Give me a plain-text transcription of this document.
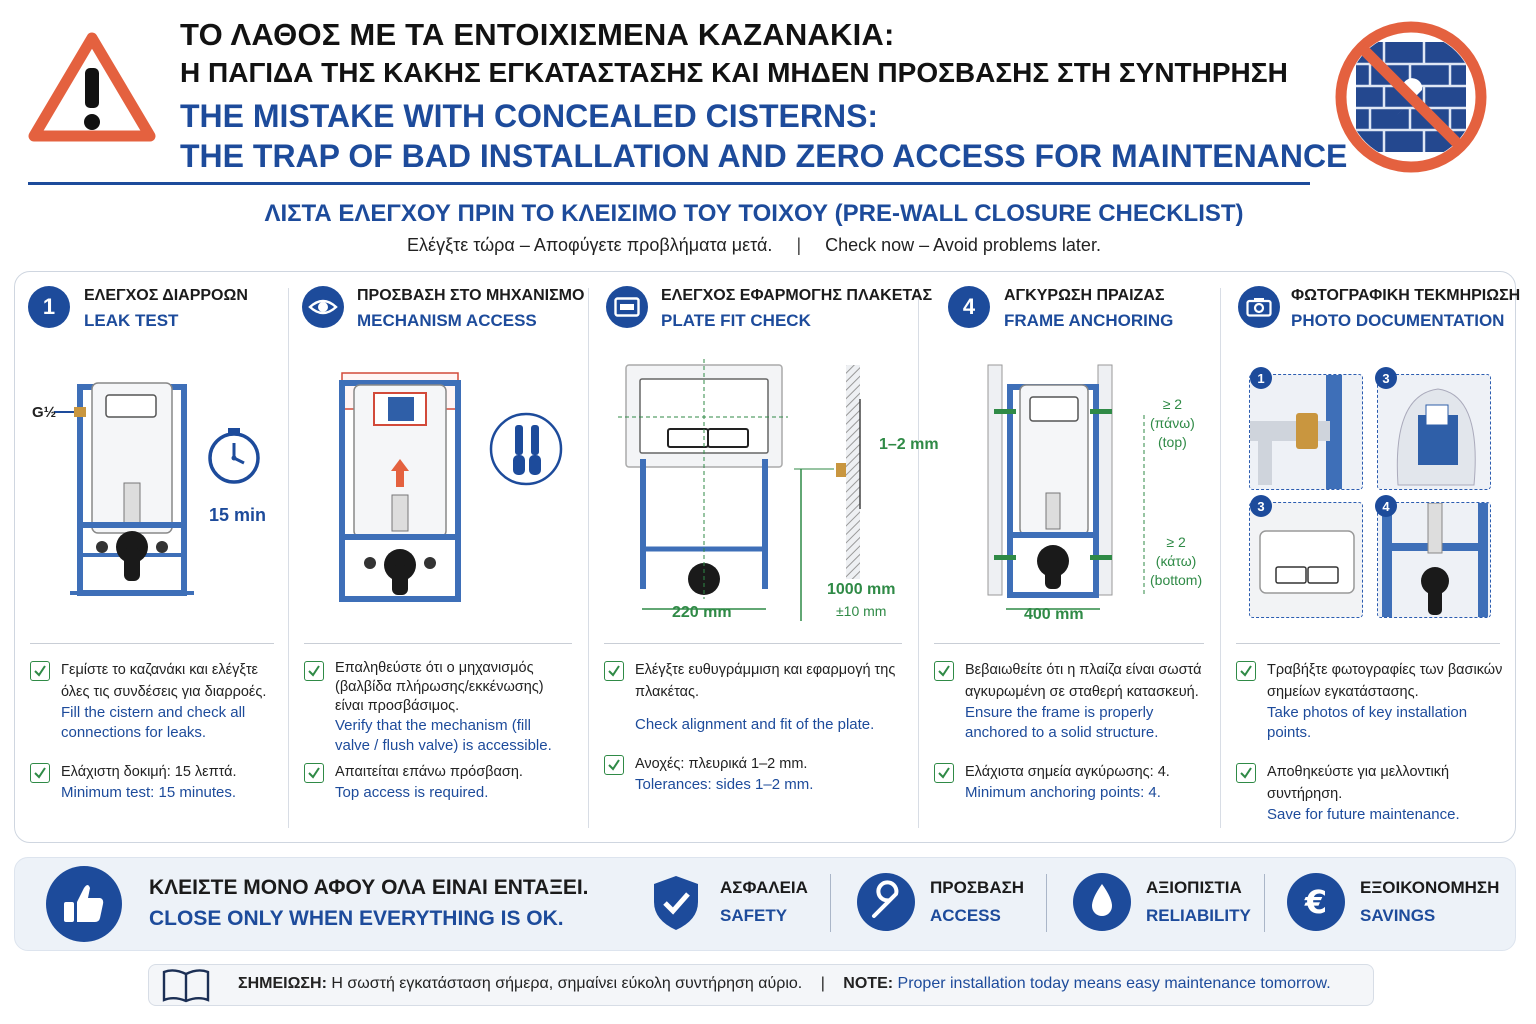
ΤΟ ΛΑΘΟΣ ΜΕ ΤΑ ΕΝΤΟΙΧΙΣΜΕΝΑ ΚΑΖΑΝΑΚΙΑ:
Η ΠΑΓΙΔΑ ΤΗΣ ΚΑΚΗΣ ΕΓΚΑΤΑΣΤΑΣΗΣ ΚΑΙ ΜΗΔΕΝ ΠΡΟΣΒΑΣΗΣ ΣΤΗ ΣΥΝΤΗΡΗΣΗ
THE MISTAKE WITH CONCEALED CISTERNS:
THE TRAP OF BAD INSTALLATION AND ZERO ACCESS FOR MAINTENANCE
ΛΙΣΤΑ ΕΛΕΓΧΟΥ ΠΡΙΝ ΤΟ ΚΛΕΙΣΙΜΟ ΤΟΥ ΤΟΙΧΟΥ (PRE-WALL CLOSURE CHECKLIST)
Ελέγξτε τώρα – Αποφύγετε προβλήματα μετά. | Check now – Avoid problems later.
1	ΕΛΕΓΧΟΣ ΔΙΑΡΡΟΩΝ
LEAK TEST
G½
15 min
Γεμίστε το καζανάκι και ελέγξτε όλες τις συνδέσεις για διαρροές.
Fill the cistern and check all connections for leaks.
Ελάχιστη δοκιμή: 15 λεπτά.
Minimum test: 15 minutes.
ΠΡΟΣΒΑΣΗ ΣΤΟ ΜΗΧΑΝΙΣΜΟ
MECHANISM ACCESS
Επαληθεύστε ότι ο μηχανισμός (βαλβίδα πλήρωσης/εκκένωσης) είναι προσβάσιμος.
Verify that the mechanism (fill valve / flush valve) is accessible.
Απαιτείται επάνω πρόσβαση.
Top access is required.
ΕΛΕΓΧΟΣ ΕΦΑΡΜΟΓΗΣ ΠΛΑΚΕΤΑΣ
PLATE FIT CHECK
1–2 mm
1000 mm
±10 mm
220 mm
Ελέγξτε ευθυγράμμιση και εφαρμογή της πλακέτας.
Check alignment and fit of the plate.
Ανοχές: πλευρικά 1–2 mm.
Tolerances: sides 1–2 mm.
4	ΑΓΚΥΡΩΣΗ ΠΡΑΙΖΑΣ
FRAME ANCHORING
≥ 2
(πάνω)
(top)
≥ 2
(κάτω)
(bottom)
400 mm
Βεβαιωθείτε ότι η πλαίζα είναι σωστά αγκυρωμένη σε σταθερή κατασκευή.
Ensure the frame is properly anchored to a solid structure.
Ελάχιστα σημεία αγκύρωσης: 4.
Minimum anchoring points: 4.
ΦΩΤΟΓΡΑΦΙΚΗ ΤΕΚΜΗΡΙΩΣΗ
PHOTO DOCUMENTATION
1	3
3	4
Τραβήξτε φωτογραφίες των βασικών σημείων εγκατάστασης.
Take photos of key installation points.
Αποθηκεύστε για μελλοντική συντήρηση.
Save for future maintenance.
ΚΛΕΙΣΤΕ ΜΟΝΟ ΑΦΟΥ ΟΛΑ ΕΙΝΑΙ ΕΝΤΑΞΕΙ.
CLOSE ONLY WHEN EVERYTHING IS OK.
ΑΣΦΑΛΕΙΑ
SAFETY
ΠΡΟΣΒΑΣΗ
ACCESS
ΑΞΙΟΠΙΣΤΙΑ
RELIABILITY € ΕΞΟΙΚΟΝΟΜΗΣΗ
SAVINGS
ΣΗΜΕΙΩΣΗ: Η σωστή εγκατάσταση σήμερα, σημαίνει εύκολη συντήρηση αύριο. | NOTE: Proper installation today means easy maintenance tomorrow.
